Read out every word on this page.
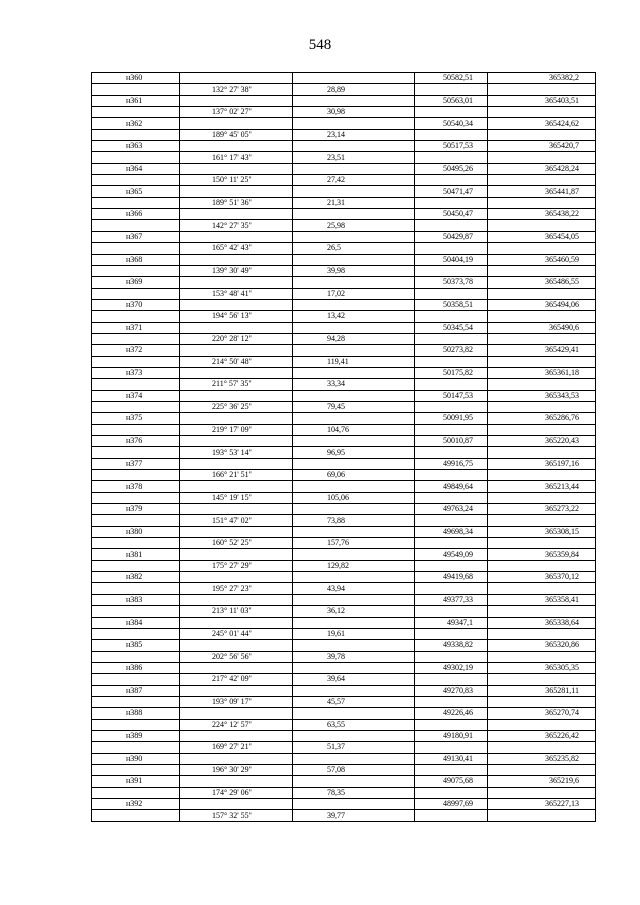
548
н360			50582,51	365382,2
	132° 27' 38"	28,89		
н361			50563,01	365403,51
	137° 02' 27"	30,98		
н362			50540,34	365424,62
	189° 45' 05"	23,14		
н363			50517,53	365420,7
	161° 17' 43"	23,51		
н364			50495,26	365428,24
	150° 11' 25"	27,42		
н365			50471,47	365441,87
	189° 51' 36"	21,31		
н366			50450,47	365438,22
	142° 27' 35"	25,98		
н367			50429,87	365454,05
	165° 42' 43"	26,5		
н368			50404,19	365460,59
	139° 30' 49"	39,98		
н369			50373,78	365486,55
	153° 48' 41"	17,02		
н370			50358,51	365494,06
	194° 56' 13"	13,42		
н371			50345,54	365490,6
	220° 28' 12"	94,28		
н372			50273,82	365429,41
	214° 50' 48"	119,41		
н373			50175,82	365361,18
	211° 57' 35"	33,34		
н374			50147,53	365343,53
	225° 36' 25"	79,45		
н375			50091,95	365286,76
	219° 17' 09"	104,76		
н376			50010,87	365220,43
	193° 53' 14"	96,95		
н377			49916,75	365197,16
	166° 21' 51"	69,06		
н378			49849,64	365213,44
	145° 19' 15"	105,06		
н379			49763,24	365273,22
	151° 47' 02"	73,88		
н380			49698,34	365308,15
	160° 52' 25"	157,76		
н381			49549,09	365359,84
	175° 27' 29"	129,82		
н382			49419,68	365370,12
	195° 27' 23"	43,94		
н383			49377,33	365358,41
	213° 11' 03"	36,12		
н384			49347,1	365338,64
	245° 01' 44"	19,61		
н385			49338,82	365320,86
	202° 56' 56"	39,78		
н386			49302,19	365305,35
	217° 42' 09"	39,64		
н387			49270,83	365281,11
	193° 09' 17"	45,57		
н388			49226,46	365270,74
	224° 12' 57"	63,55		
н389			49180,91	365226,42
	169° 27' 21"	51,37		
н390			49130,41	365235,82
	196° 30' 29"	57,08		
н391			49075,68	365219,6
	174° 29' 06"	78,35		
н392			48997,69	365227,13
	157° 32' 55"	39,77		
